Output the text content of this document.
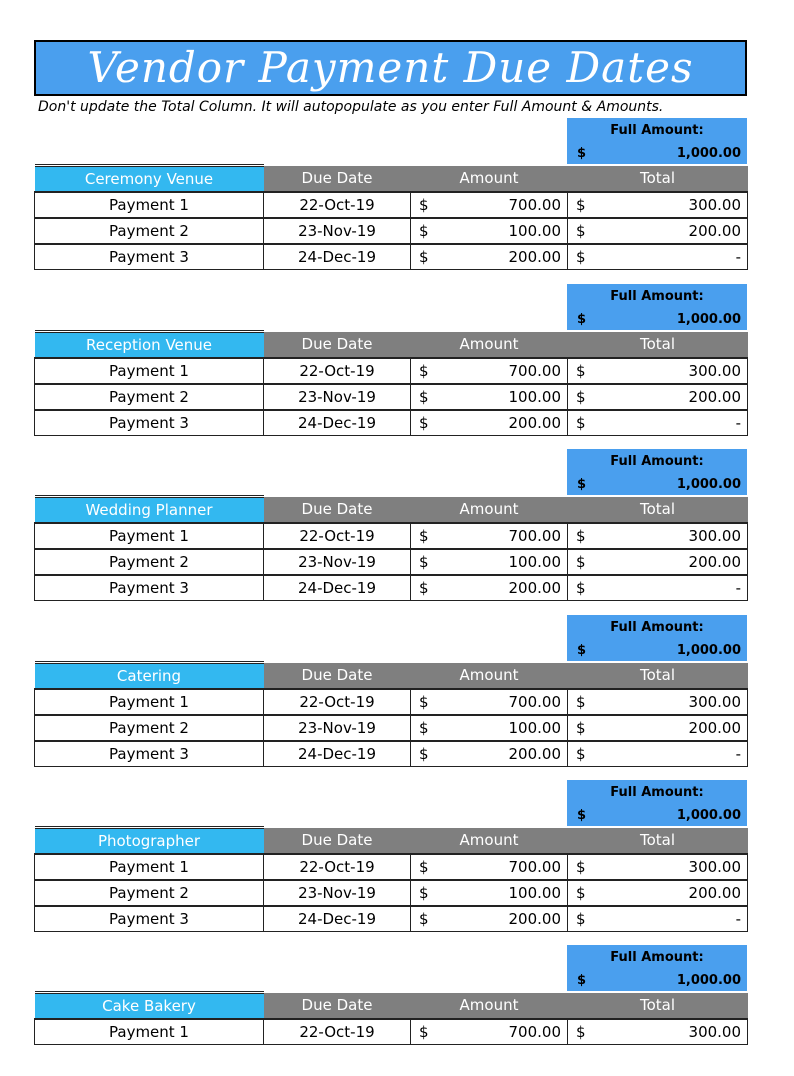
Vendor Payment Due Dates
Don't update the Total Column. It will autopopulate as you enter Full Amount & Amounts.
Full Amount:
$	1,000.00
Ceremony Venue	Due Date	Amount		Total	
Payment 1	22-Oct-19	$	700.00	$	300.00
Payment 2	23-Nov-19	$	100.00	$	200.00
Payment 3	24-Dec-19	$	200.00	$	-
Full Amount:
$	1,000.00
Reception Venue	Due Date	Amount		Total	
Payment 1	22-Oct-19	$	700.00	$	300.00
Payment 2	23-Nov-19	$	100.00	$	200.00
Payment 3	24-Dec-19	$	200.00	$	-
Full Amount:
$	1,000.00
Wedding Planner	Due Date	Amount		Total	
Payment 1	22-Oct-19	$	700.00	$	300.00
Payment 2	23-Nov-19	$	100.00	$	200.00
Payment 3	24-Dec-19	$	200.00	$	-
Full Amount:
$	1,000.00
Catering	Due Date	Amount		Total	
Payment 1	22-Oct-19	$	700.00	$	300.00
Payment 2	23-Nov-19	$	100.00	$	200.00
Payment 3	24-Dec-19	$	200.00	$	-
Full Amount:
$	1,000.00
Photographer	Due Date	Amount		Total	
Payment 1	22-Oct-19	$	700.00	$	300.00
Payment 2	23-Nov-19	$	100.00	$	200.00
Payment 3	24-Dec-19	$	200.00	$	-
Full Amount:
$	1,000.00
Cake Bakery	Due Date	Amount		Total	
Payment 1	22-Oct-19	$	700.00	$	300.00
